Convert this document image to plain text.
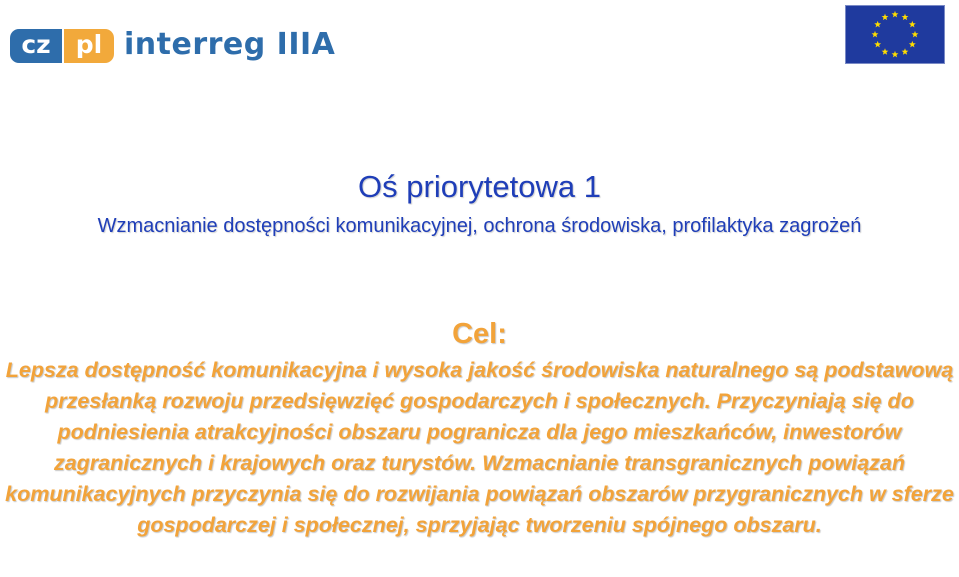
cz	pl interreg IIIA
Oś priorytetowa 1
Wzmacnianie dostępności komunikacyjnej, ochrona środowiska, profilaktyka zagrożeń
Cel:
Lepsza dostępność komunikacyjna i wysoka jakość środowiska naturalnego są podstawową przesłanką rozwoju przedsięwzięć gospodarczych i społecznych. Przyczyniają się do podniesienia atrakcyjności obszaru pogranicza dla jego mieszkańców, inwestorów zagranicznych i krajowych oraz turystów. Wzmacnianie transgranicznych powiązań komunikacyjnych przyczynia się do rozwijania powiązań obszarów przygranicznych w sferze gospodarczej i społecznej, sprzyjając tworzeniu spójnego obszaru.
